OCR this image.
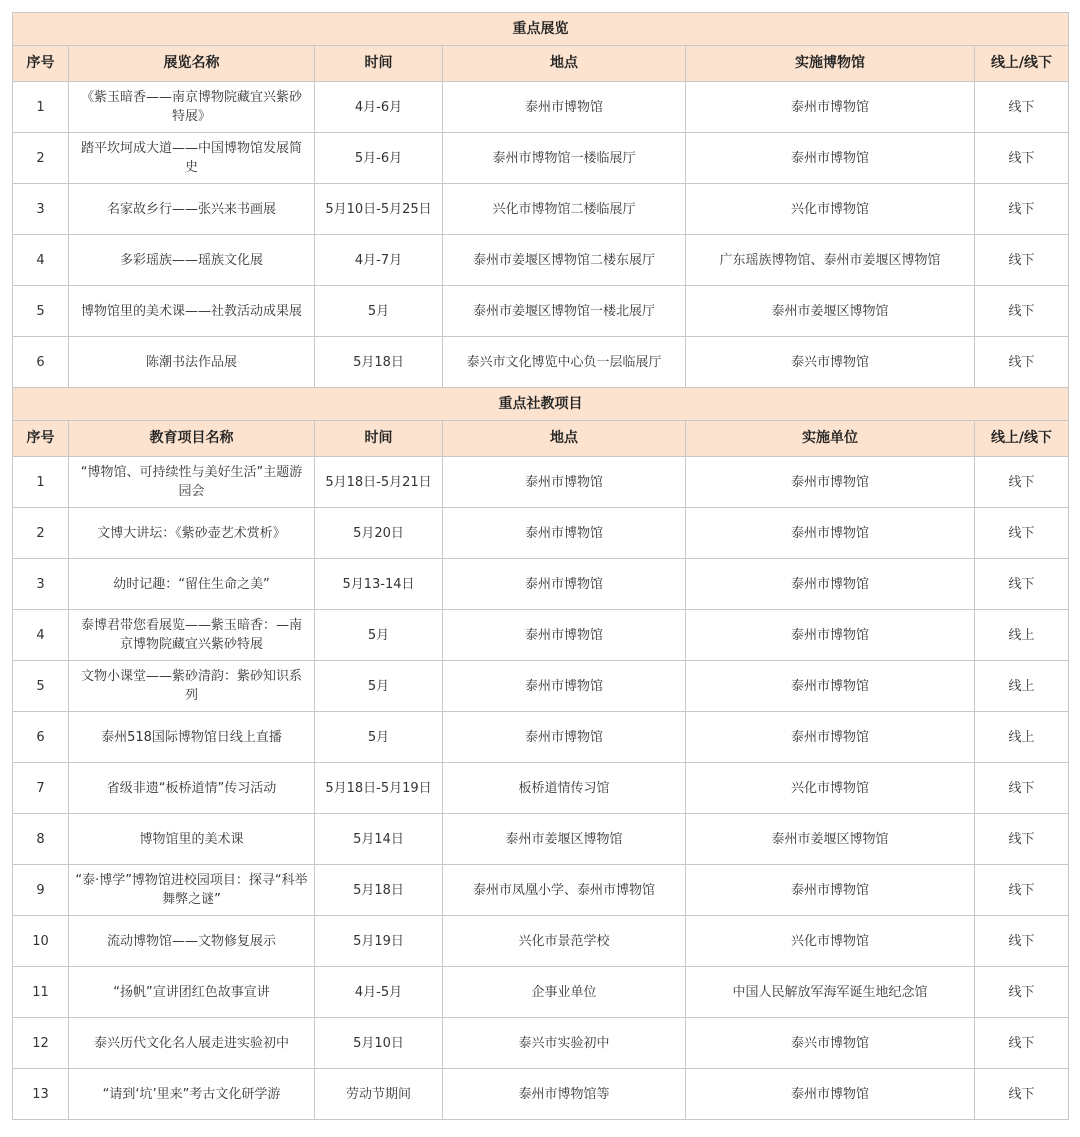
重点展览					
序号	展览名称	时间	地点	实施博物馆	线上/线下
1	《紫玉暗香——南京博物院藏宜兴紫砂特展》	4月-6月	泰州市博物馆	泰州市博物馆	线下
2	踏平坎坷成大道——中国博物馆发展简史	5月-6月	泰州市博物馆一楼临展厅	泰州市博物馆	线下
3	名家故乡行——张兴来书画展	5月10日-5月25日	兴化市博物馆二楼临展厅	兴化市博物馆	线下
4	多彩瑶族——瑶族文化展	4月-7月	泰州市姜堰区博物馆二楼东展厅	广东瑶族博物馆、泰州市姜堰区博物馆	线下
5	博物馆里的美术课——社教活动成果展	5月	泰州市姜堰区博物馆一楼北展厅	泰州市姜堰区博物馆	线下
6	陈潮书法作品展	5月18日	泰兴市文化博览中心负一层临展厅	泰兴市博物馆	线下
重点社教项目					
序号	教育项目名称	时间	地点	实施单位	线上/线下
1	“博物馆、可持续性与美好生活”主题游园会	5月18日-5月21日	泰州市博物馆	泰州市博物馆	线下
2	文博大讲坛：《紫砂壶艺术赏析》	5月20日	泰州市博物馆	泰州市博物馆	线下
3	幼时记趣：“留住生命之美”	5月13-14日	泰州市博物馆	泰州市博物馆	线下
4	泰博君带您看展览——紫玉暗香：—南京博物院藏宜兴紫砂特展	5月	泰州市博物馆	泰州市博物馆	线上
5	文物小课堂——紫砂清韵：紫砂知识系列	5月	泰州市博物馆	泰州市博物馆	线上
6	泰州518国际博物馆日线上直播	5月	泰州市博物馆	泰州市博物馆	线上
7	省级非遗“板桥道情”传习活动	5月18日-5月19日	板桥道情传习馆	兴化市博物馆	线下
8	博物馆里的美术课	5月14日	泰州市姜堰区博物馆	泰州市姜堰区博物馆	线下
9	“泰·博学”博物馆进校园项目：探寻“科举舞弊之谜”	5月18日	泰州市凤凰小学、泰州市博物馆	泰州市博物馆	线下
10	流动博物馆——文物修复展示	5月19日	兴化市景范学校	兴化市博物馆	线下
11	“扬帆”宣讲团红色故事宣讲	4月-5月	企事业单位	中国人民解放军海军诞生地纪念馆	线下
12	泰兴历代文化名人展走进实验初中	5月10日	泰兴市实验初中	泰兴市博物馆	线下
13	“请到‘坑’里来”考古文化研学游	劳动节期间	泰州市博物馆等	泰州市博物馆	线下
